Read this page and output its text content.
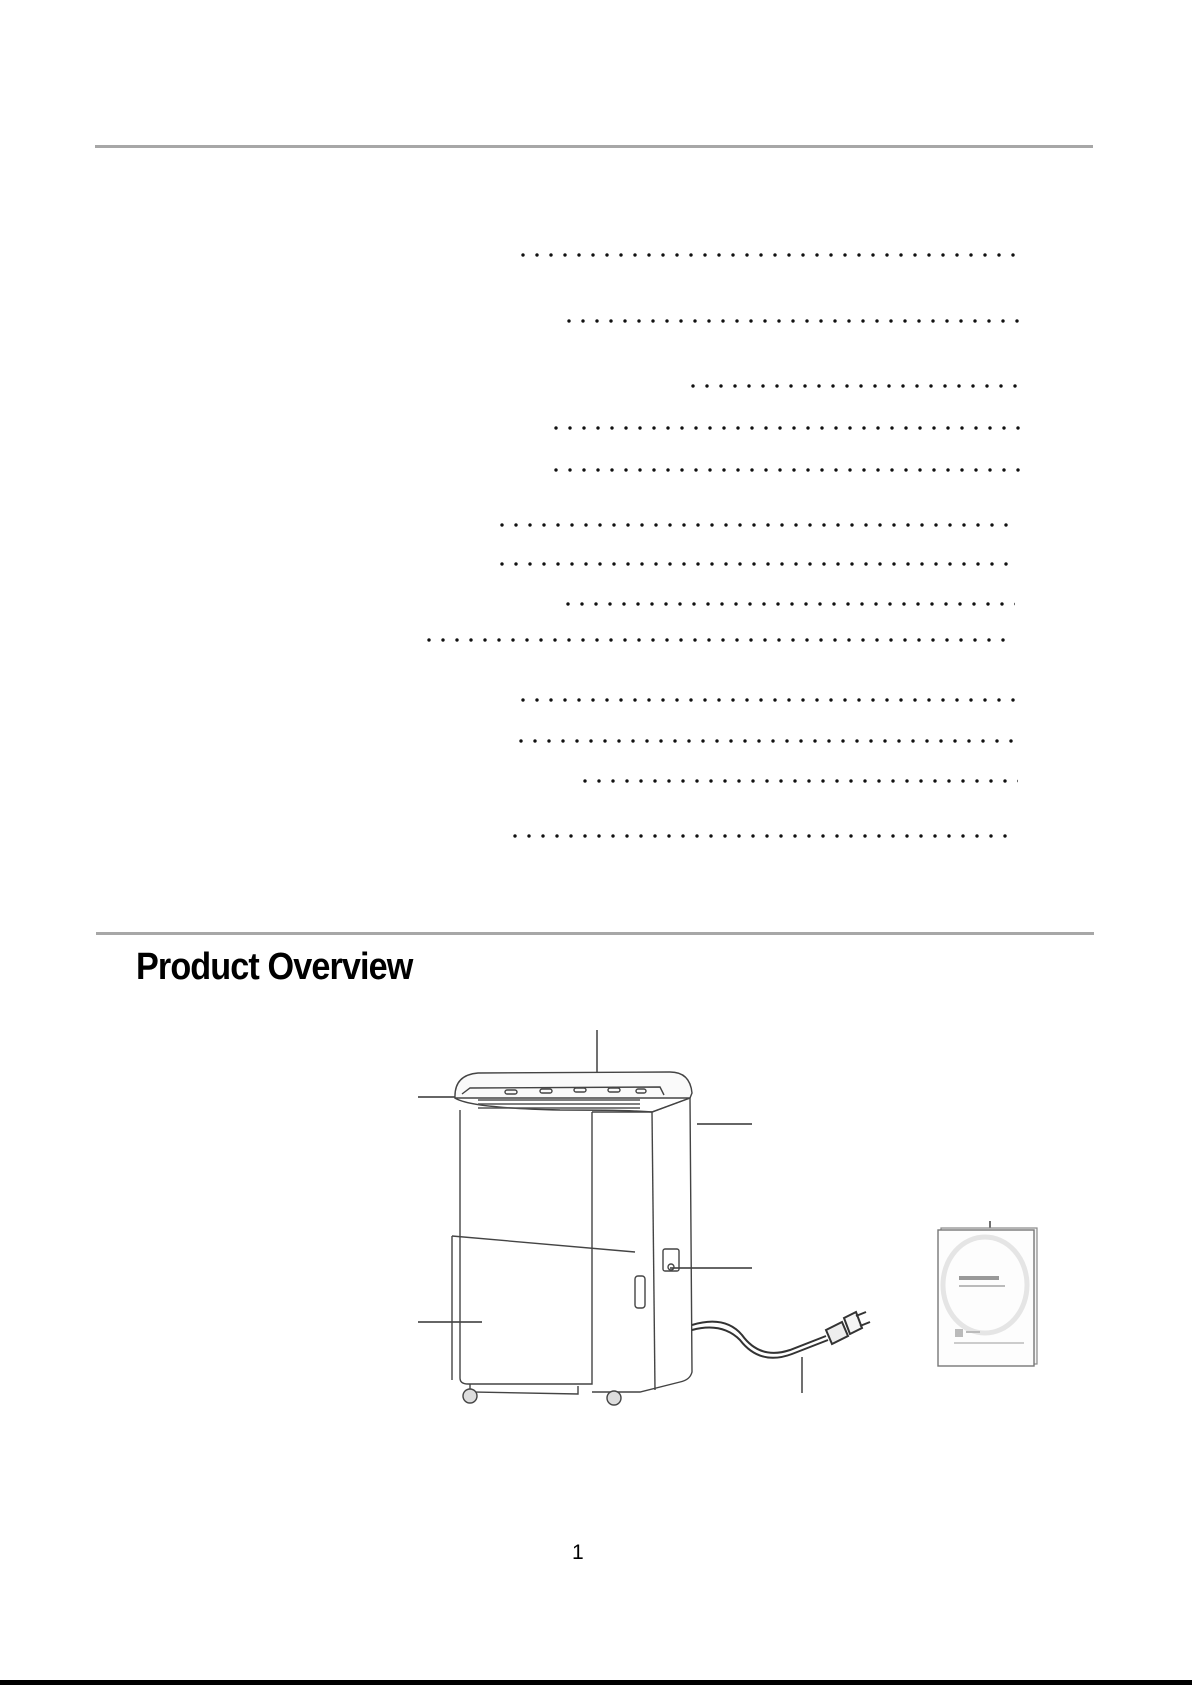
Product Overview
1
